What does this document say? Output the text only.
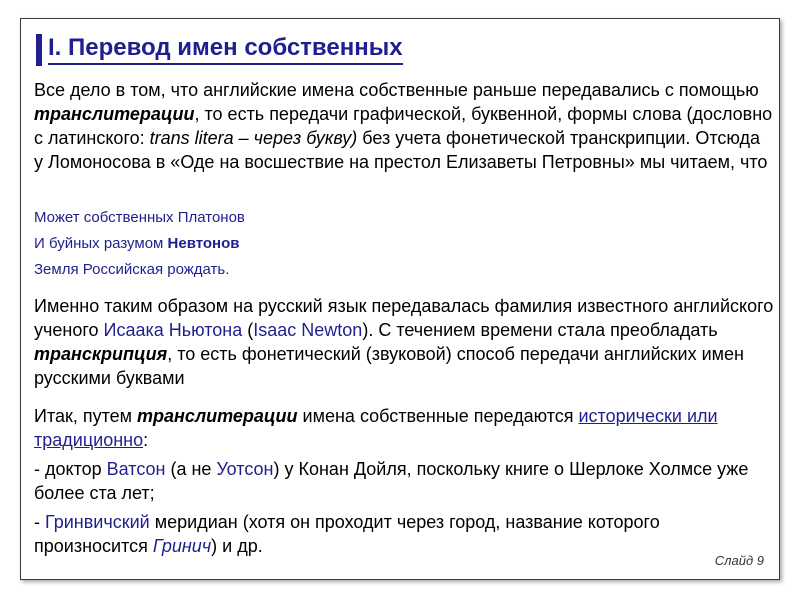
I. Перевод имен собственных
Все дело в том, что английские имена собственные раньше передавались с помощью транслитерации, то есть передачи графической, буквенной, формы слова (дословно с латинского: trans litera – через букву) без учета фонетической транскрипции. Отсюда у Ломоносова в «Оде на восшествие на престол Елизаветы Петровны» мы читаем, что
Может собственных Платонов
И буйных разумом Невтонов
Земля Российская рождать.
Именно таким образом на русский язык передавалась фамилия известного английского ученого Исаака Ньютона (Isaac Newton). С течением времени стала преобладать транскрипция, то есть фонетический (звуковой) способ передачи английских имен русскими буквами
Итак, путем транслитерации имена собственные передаются исторически или традиционно:
- доктор Ватсон (а не Уотсон) у Конан Дойля, поскольку книге о Шерлоке Холмсе уже более ста лет;
- Гринвичский меридиан (хотя он проходит через город, название которого произносится Гринич) и др.
Слайд 9
